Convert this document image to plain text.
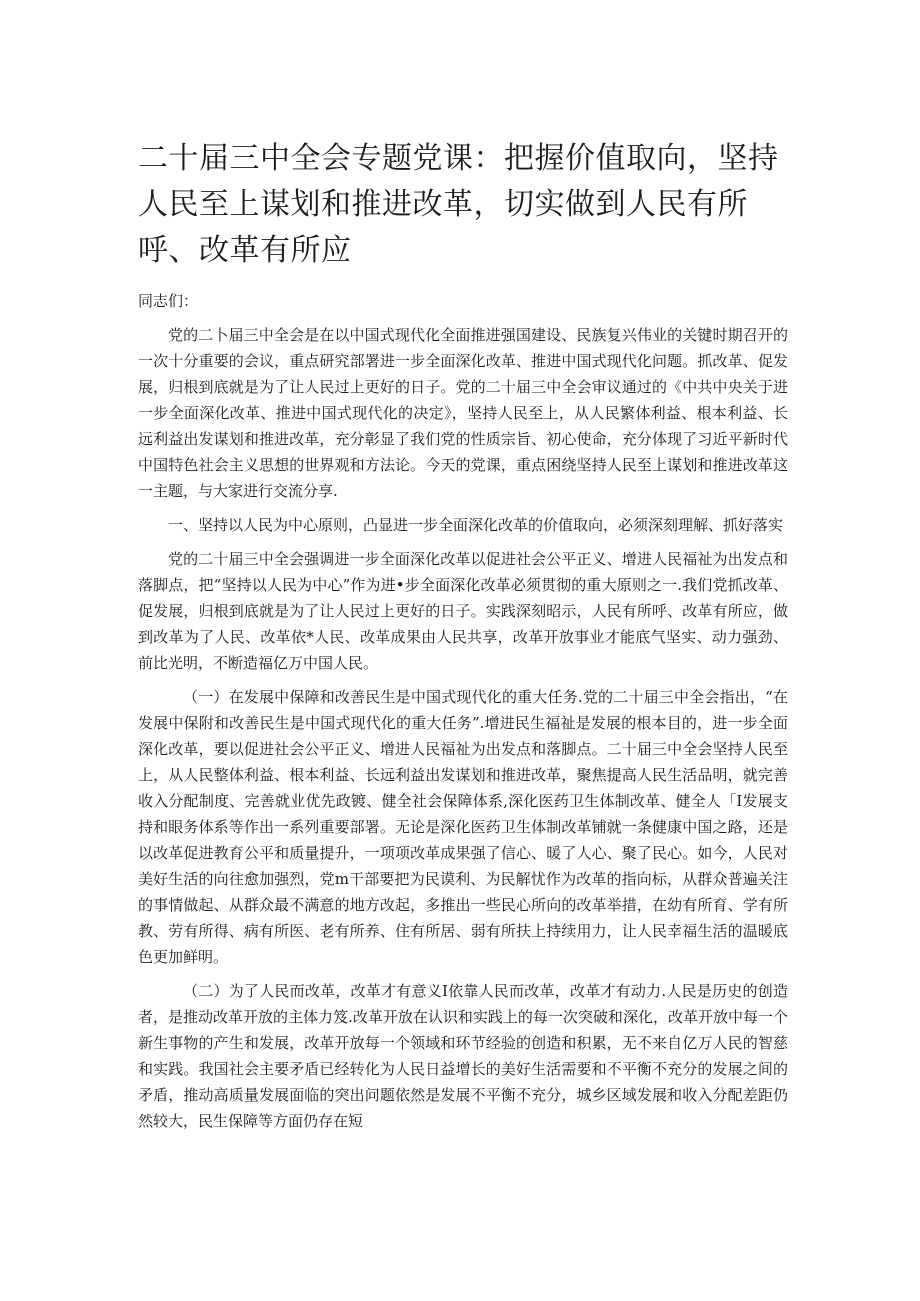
二十届三中全会专题党课：把握价值取向，坚持人民至上谋划和推进改革，切实做到人民有所呼、改革有所应

同志们：

党的二卜届三中全会是在以中国式现代化全面推进强国建设、民族复兴伟业的关键时期召开的一次十分重要的会议，重点研究部署进一步全面深化改革、推进中国式现代化问题。抓改革、促发展，归根到底就是为了让人民过上更好的日子。党的二十届三中全会审议通过的《中共中央关于进一步全面深化改革、推进中国式现代化的决定》，坚持人民至上，从人民繁体利益、根本利益、长远利益出发谋划和推进改革，充分彰显了我们党的性质宗旨、初心使命，充分体现了习近平新时代中国特色社会主义思想的世界观和方法论。今天的党课，重点困绕坚持人民至上谋划和推进改革这一主题，与大家进行交流分享.

一、坚持以人民为中心原则，凸显进一步全面深化改革的价值取向，必须深刻理解、抓好落实

党的二十届三中全会强调进一步全面深化改革以促进社会公平正义、增进人民福祉为出发点和落脚点，把“坚持以人民为中心”作为进•步全面深化改革必须贯彻的重大原则之一.我们党抓改革、促发展，归根到底就是为了让人民过上更好的日子。实践深刻昭示，人民有所呼、改革有所应，做到改革为了人民、改革依*人民、改革成果由人民共享，改革开放事业才能底气坚实、动力强劲、前比光明，不断造福亿万中国人民。

（一）在发展中保障和改善民生是中国式现代化的重大任务.党的二十届三中全会指出，“在发展中保附和改善民生是中国式现代化的重大任务”.增进民生福祉是发展的根本目的，进一步全面深化改革，要以促进社会公平正义、增进人民福祉为出发点和落脚点。二十届三中全会坚持人民至上，从人民整体利益、根本利益、长远利益出发谋划和推进改革，聚焦提高人民生活品明，就完善收入分配制度、完善就业优先政镀、健全社会保障体系,深化医药卫生体制改革、健全人「I发展支持和眼务体系等作出一系列重要部署。无论是深化医药卫生体制改革铺就一条健康中国之路，还是以改革促进教育公平和质量提升，一项项改革成果强了信心、暖了人心、聚了民心。如今，人民对美好生活的向往愈加强烈，党m干部要把为民谟利、为民解忧作为改革的指向标，从群众普遍关注的事情做起、从群众最不满意的地方改起，多推出一些民心所向的改革举措，在幼有所育、学有所教、劳有所得、病有所医、老有所养、住有所居、弱有所扶上持续用力，让人民幸福生活的温暖底色更加鲜明。

（二）为了人民而改革，改革才有意义I依靠人民而改革，改革才有动力.人民是历史的创造者，是推动改革开放的主体力笈.改革开放在认识和实践上的每一次突破和深化，改革开放中每一个新生事物的产生和发展，改革开放每一个领域和环节经验的创造和积累，无不来自亿万人民的智慈和实践。我国社会主要矛盾已经转化为人民日益增长的美好生活需要和不平衡不充分的发展之间的矛盾，推动高质量发展面临的突出问题依然是发展不平衡不充分，城乡区域发展和收入分配差距仍然较大，民生保障等方面仍存在短
